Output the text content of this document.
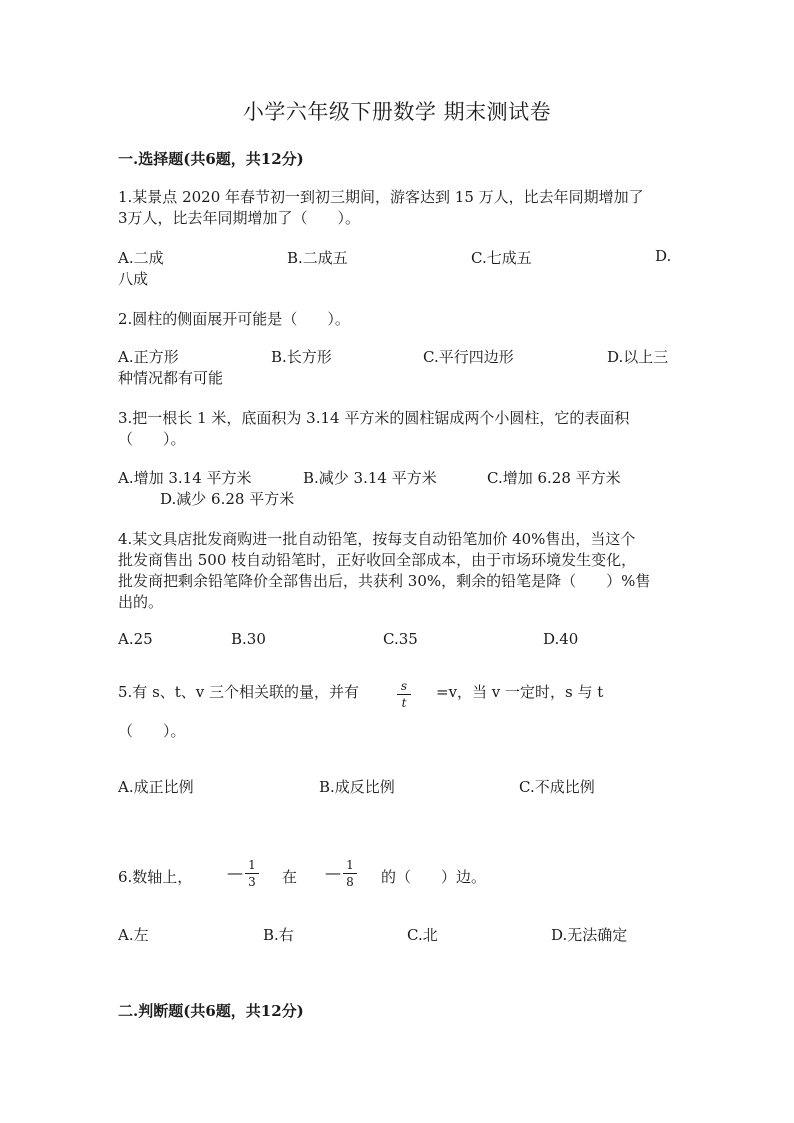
小学六年级下册数学 期末测试卷
一.选择题(共6题，共12分)
1.某景点 2020 年春节初一到初三期间，游客达到 15 万人，比去年同期增加了
3万人，比去年同期增加了（　　）。
A.二成	B.二成五	C.七成五	D.
八成
2.圆柱的侧面展开可能是（　　）。
A.正方形	B.长方形	C.平行四边形	D.以上三
种情况都有可能
3.把一根长 1 米，底面积为 3.14 平方米的圆柱锯成两个小圆柱，它的表面积
（　　）。
A.增加 3.14 平方米	B.减少 3.14 平方米	C.增加 6.28 平方米
D.减少 6.28 平方米
4.某文具店批发商购进一批自动铅笔，按每支自动铅笔加价 40%售出，当这个
批发商售出 500 枝自动铅笔时，正好收回全部成本，由于市场环境发生变化，
批发商把剩余铅笔降价全部售出后，共获利 30%，剩余的铅笔是降（　　）%售
出的。
A.25	B.30	C.35	D.40
5.有 s、t、v 三个相关联的量，并有	s
t
=v，当 v 一定时，s 与 t
（　　）。
A.成正比例	B.成反比例	C.不成比例
6.数轴上， — 1
3 在 — 1
8 的（　　）边。
A.左	B.右	C.北	D.无法确定
二.判断题(共6题，共12分)
